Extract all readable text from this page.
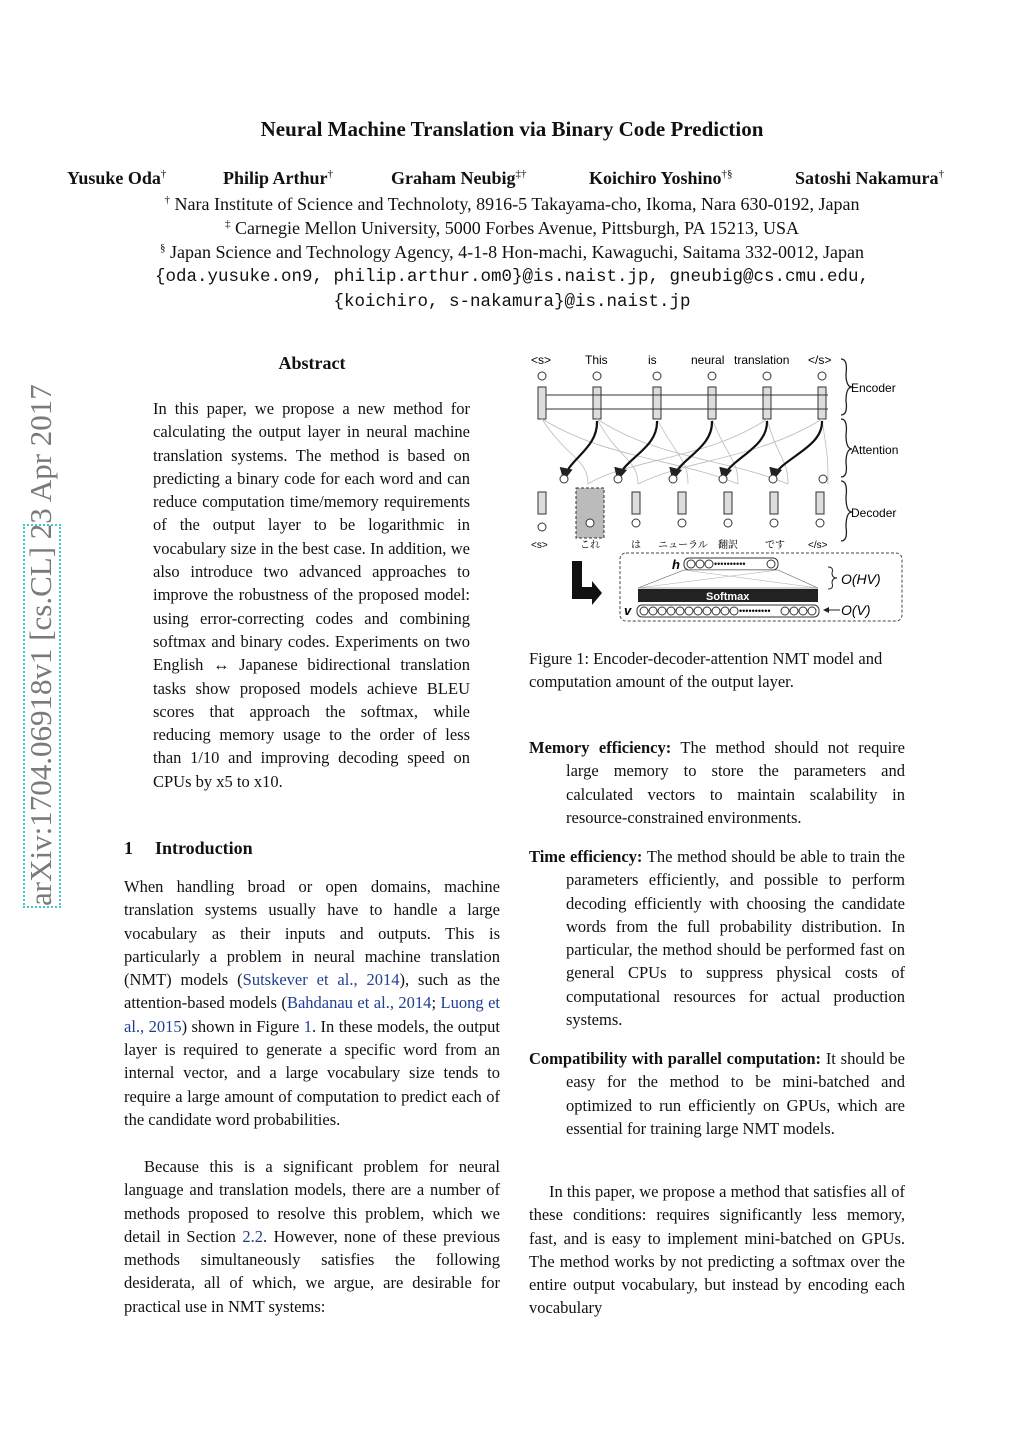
Neural Machine Translation via Binary Code Prediction
Yusuke Oda†	Philip Arthur†	Graham Neubig‡†	Koichiro Yoshino†§	Satoshi Nakamura†
† Nara Institute of Science and Technoloty, 8916-5 Takayama-cho, Ikoma, Nara 630-0192, Japan
‡ Carnegie Mellon University, 5000 Forbes Avenue, Pittsburgh, PA 15213, USA
§ Japan Science and Technology Agency, 4-1-8 Hon-machi, Kawaguchi, Saitama 332-0012, Japan
{oda.yusuke.on9, philip.arthur.om0}@is.naist.jp, gneubig@cs.cmu.edu,
{koichiro, s-nakamura}@is.naist.jp
arXiv:1704.06918v1 [cs.CL] 23 Apr 2017
Abstract
In this paper, we propose a new method for calculating the output layer in neural machine translation systems. The method is based on predicting a binary code for each word and can reduce computation time/memory requirements of the output layer to be logarithmic in vocabulary size in the best case. In addition, we also introduce two advanced approaches to improve the robustness of the proposed model: using error-correcting codes and combining softmax and binary codes. Experiments on two English ↔ Japanese bidirectional translation tasks show proposed models achieve BLEU scores that approach the softmax, while reducing memory usage to the order of less than 1/10 and improving decoding speed on CPUs by x5 to x10.
1 Introduction
When handling broad or open domains, machine translation systems usually have to handle a large vocabulary as their inputs and outputs. This is particularly a problem in neural machine translation (NMT) models (Sutskever et al., 2014), such as the attention-based models (Bahdanau et al., 2014; Luong et al., 2015) shown in Figure 1. In these models, the output layer is required to generate a specific word from an internal vector, and a large vocabulary size tends to require a large amount of computation to predict each of the candidate word probabilities.
Because this is a significant problem for neural language and translation models, there are a number of methods proposed to resolve this problem, which we detail in Section 2.2. However, none of these previous methods simultaneously satisfies the following desiderata, all of which, we argue, are desirable for practical use in NMT systems:
<s>	This	is	neural translation </s>
<s>	これ	は ニューラル 翻訳	です </s>
Encoder
Attention
Decoder
h	••••••••••
Softmax
v	••••••••••
O(HV)
O(V)
Figure 1: Encoder-decoder-attention NMT model and computation amount of the output layer.
Memory efficiency: The method should not require large memory to store the parameters and calculated vectors to maintain scalability in resource-constrained environments.
Time efficiency: The method should be able to train the parameters efficiently, and possible to perform decoding efficiently with choosing the candidate words from the full probability distribution. In particular, the method should be performed fast on general CPUs to suppress physical costs of computational resources for actual production systems.
Compatibility with parallel computation: It should be easy for the method to be mini-batched and optimized to run efficiently on GPUs, which are essential for training large NMT models.
In this paper, we propose a method that satisfies all of these conditions: requires significantly less memory, fast, and is easy to implement mini-batched on GPUs. The method works by not predicting a softmax over the entire output vocabulary, but instead by encoding each vocabulary
